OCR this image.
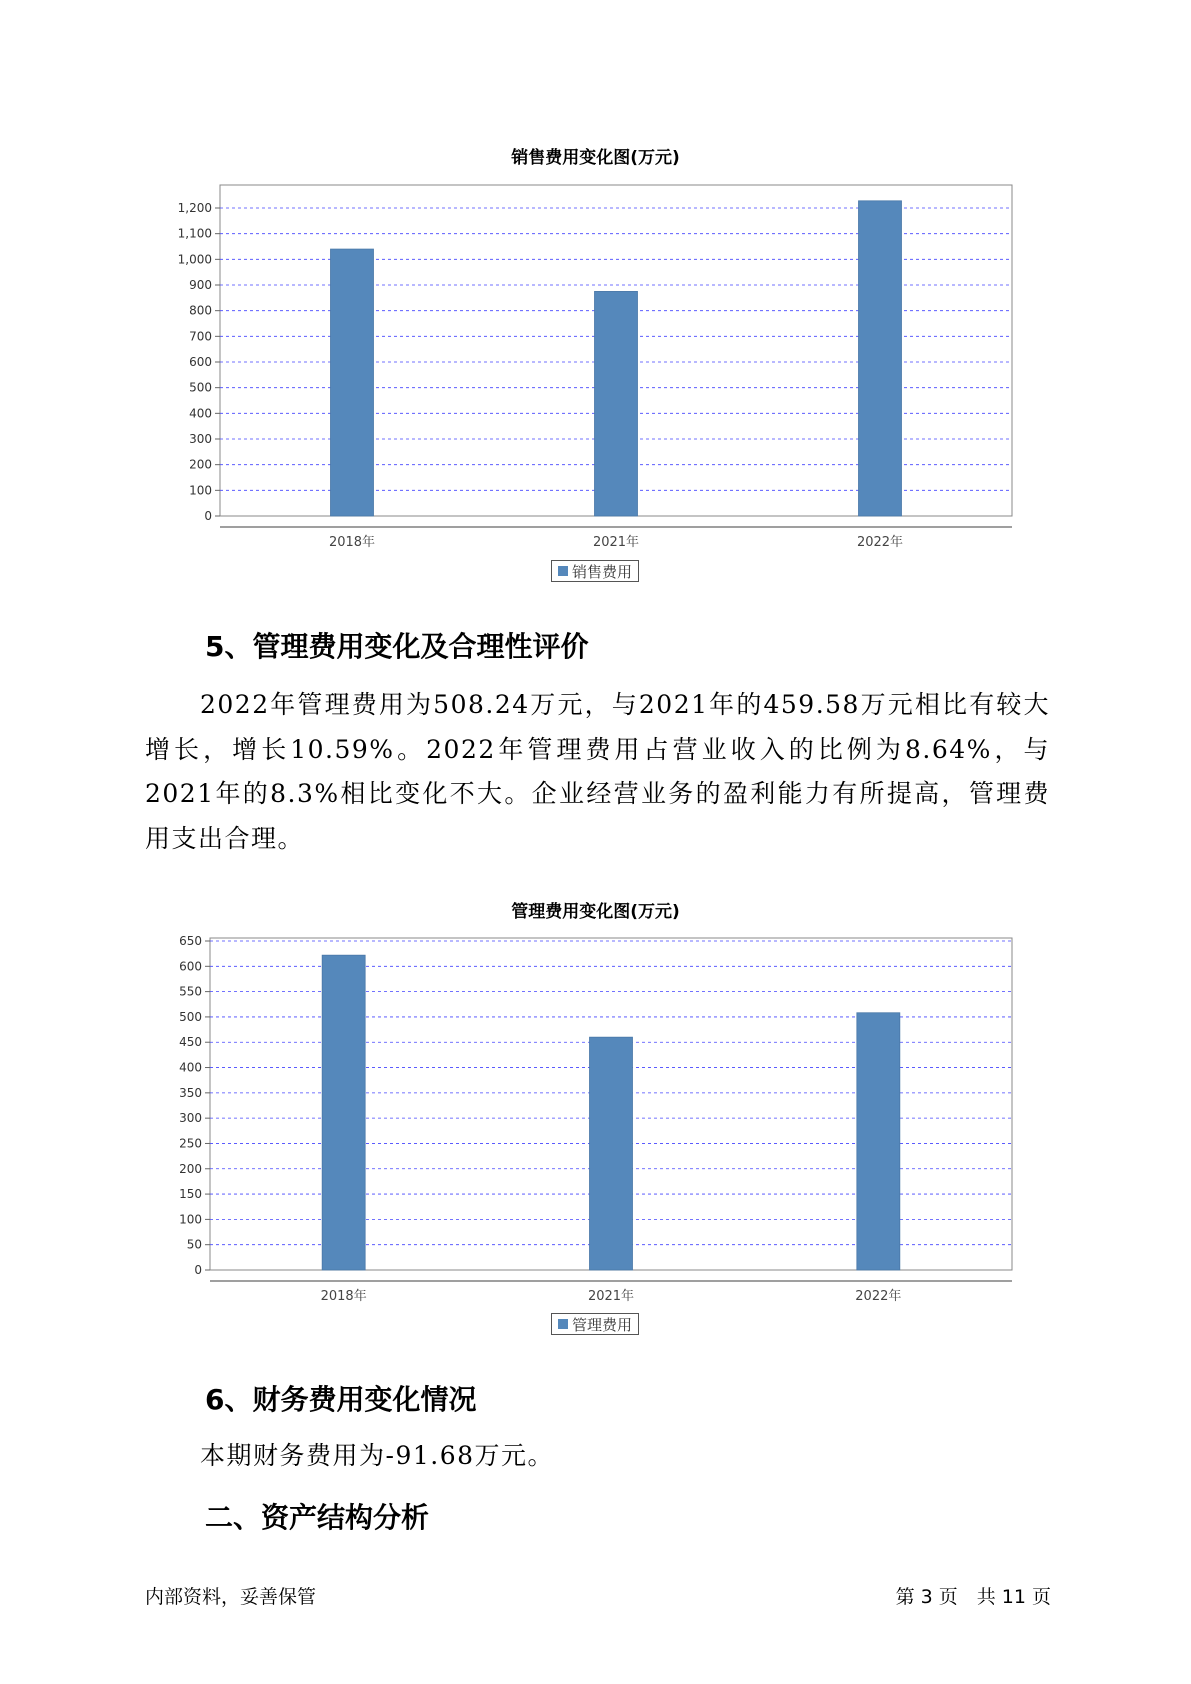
销售费用变化图(万元)
0
100
200
300
400
500
600
700
800
900
1,000
1,100
1,200
2018年	2021年	2022年
销售费用
5、管理费用变化及合理性评价

2022年管理费用为508.24万元，与2021年的459.58万元相比有较大增长，增长10.59%。2022年管理费用占营业收入的比例为8.64%，与2021年的8.3%相比变化不大。企业经营业务的盈利能力有所提高，管理费用支出合理。

管理费用变化图(万元)
0
50
100
150
200
250
300
350
400
450
500
550
600
650
2018年	2021年	2022年
管理费用
6、财务费用变化情况

本期财务费用为-91.68万元。

二、资产结构分析
内部资料，妥善保管	第 3 页　共 11 页
